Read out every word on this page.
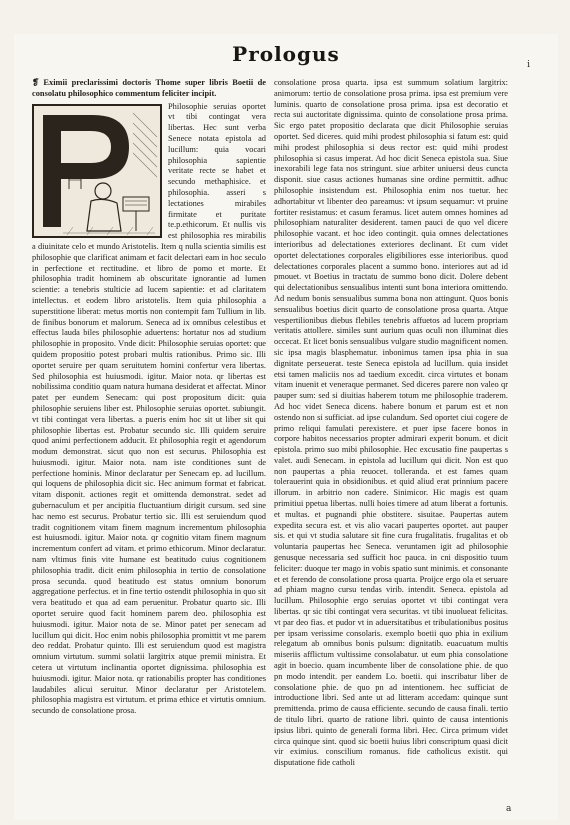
Prologus	i

❡ Eximii preclarissimi doctoris Thome super libris Boetii de consolatu philosophico commentum feliciter incipit.

Philosophie seruias oportet vt tibi contingat vera libertas. Hec sunt verba Senece notata epistola ad lucillum: quia vocari philosophia sapientie veritate recte se habet et secundo methaphisice. et philosophia. asseri s lectationes mirabiles firmitate et puritate te.p.ethicorum. Et nullis vis est philosophia res mirabilis a diuinitate celo et mundo Aristotelis. Item q nulla scientia similis est philosophie que clarificat animam et facit delectari eam in hoc seculo in perfectione et rectitudine. et libro de pomo et morte. Et philosophia tradit hominem ab obscuritate ignorantie ad lumen scientie: a tenebris stulticie ad lucem sapientie: et ad claritatem intellectus. et eodem libro aristotelis. Item quia philosophia a superstitione liberat: metus mortis non contempit fam Tullium in lib. de finibus bonorum et malorum. Seneca ad ix omnibus celestibus et effectus lauda biles philosophie aduertens: hortatur nos ad studium philosophie in proposito. Vnde dicit: Philosophie seruias oportet: que quidem propositio potest probari multis rationibus. Primo sic. Illi oportet seruire per quam seruitutem homini confertur vera libertas. Sed philosophia est huiusmodi. igitur. Maior nota. qr libertas est nobilissima conditio quam natura humana desiderat et affectat. Minor patet per eundem Senecam: qui post propositum dicit: quia philosophie seruiens liber est. Philosophie seruias oportet. subiungit. vt tibi contingat vera libertas. a pueris enim hoc sit ut liber sit qui philosophie libertas est. Probatur secundo sic. Illi quidem seruire quod animi perfectionem adducit. Et philosophia regit et agendorum modum demonstrat. sicut quo non est securus. Philosophia est huiusmodi. igitur. Maior nota. nam iste conditiones sunt de perfectione hominis. Minor declaratur per Senecam ep. ad lucillum. qui loquens de philosophia dicit sic. Hec animum format et fabricat. vitam disponit. actiones regit et omittenda demonstrat. sedet ad gubernaculum et per ancipitia fluctuantium dirigit cursum. sed sine hac nemo est securus. Probatur tertio sic. Illi est seruiendum quod tradit cognitionem vitam finem magnum incrementum philosophia est huiusmodi. igitur. Maior nota. qr cognitio vitam finem magnum incrementum confert ad vitam. et primo ethicorum. Minor declaratur. nam vltimus finis vite humane est beatitudo cuius cognitionem philosophia tradit. dicit enim philosophia in tertio de consolatione prosa secunda. quod beatitudo est status omnium bonorum aggregatione perfectus. et in fine tertio ostendit philosophia in quo sit vera beatitudo et qua ad eam peruenitur. Probatur quarto sic. Illi oportet seruire quod facit hominem parem deo. philosophia est huiusmodi. igitur. Maior nota de se. Minor patet per senecam ad lucillum qui dicit. Hoc enim nobis philosophia promittit vt me parem deo reddat. Probatur quinto. Illi est seruiendum quod est magistra omnium virtutum. summi solatii largitrix atque premii ministra. Et cetera ut virtutum inclinantia oportet dignissima. philosophia est huiusmodi. igitur. Maior nota. qr rationabilis propter has conditiones laudabiles alicui seruitur. Minor declaratur per Aristotelem. philosophia magistra est virtutum. et prima ethice et virtutis omnium. secundo de consolatione prosa.

consolatione prosa quarta. ipsa est summum solatium largitrix: animorum: tertio de consolatione prosa prima. ipsa est premium vere luminis. quarto de consolatione prosa prima. ipsa est decoratio et recta sui auctoritate dignissima. quinto de consolatione prosa prima. Sic ergo patet propositio declarata que dicit Philosophie seruias oportet. Sed diceres. quid mihi prodest philosophia si fatum est: quid mihi prodest philosophia si deus rector est: quid mihi prodest philosophia si casus imperat. Ad hoc dicit Seneca epistola sua. Siue inexorabili lege fata nos stringunt. siue arbiter uniuersi deus cuncta disponit. siue casus actiones humanas sine ordine permittit. adhuc philosophie insistendum est. Philosophia enim nos tuetur. hec adhortabitur vt libenter deo pareamus: vt ipsum sequamur: vt pruine fortiter resistamus: et casum feramus. licet autem omnes homines ad philosophiam naturaliter desiderent. tamen pauci de quo vel dicere philosophie vacant. et hoc ideo contingit. quia omnes delectationes interioribus ad delectationes exteriores declinant. Et cum videt oportet delectationes corporales eligibiliores esse interioribus. quod delectationes corporales placent a summo bono. interiores aut ad id pmouet. vt Boetius in tractatu de summo bono dicit. Dolere debent qui delectationibus sensualibus intenti sunt bona interiora omittendo. Ad nedum bonis sensualibus summa bona non attingunt. Quos bonis sensualibus boetius dicit quarto de consolatione prosa quarta. Atque vespertilionibus diebus flebiles tenebris affuetos ad lucem propriam veritatis attollere. similes sunt aurium quas oculi non illuminat dies occecat. Et licet bonis sensualibus vulgare studio magnificent nomen. sic ipsa magis blasphematur. inbonimus tamen ipsa phia in sua dignitate perseuerat. teste Seneca epistola ad lucillum. quia insidet etsi tamen maliciis nos ad taedium excedit. circa virtutes et bonam vitam inuenit et veneraque permanet. Sed diceres parere non valeo qr pauper sum: sed si diuitias haberem totum me philosophie traderem. Ad hoc videt Seneca dicens. habere bonum et parum est et non ostendo non si sufficiat. ad ipse culandum. Sed oportet ciui cogere de primo reliqui famulati perexistere. et puer ipse facere bonos in corpore habitos necessarios propter admirari experit bonum. et dicit epistola. primo suo mibi philosophie. Hec excusatio fine paupertas s valet. audi Senecam. in epistola ad lucillum qui dicit. Non est quo non paupertas a phia reuocet. tolleranda. et est fames quam tolerauerint quia in obsidionibus. et quid aliud erat prinnium pacere illorum. in arbitrio non cadere. Sinimicor. Hic magis est quam primitiui ppetua libertas. nulli hoies timere ad atum liberat a fortunis. et multas. et pugnandi phie obstitere. sisuitae. Paupertas autem expedita secura est. et vis alio vacari paupertes oportet. aut pauper sis. et qui vt studia salutare sit fine cura frugalitatis. frugalitas et ob voluntaria paupertas hec Seneca. veruntamen igit ad philosophie genusque necessaria sed sufficit hoc pauca. in cni dispositio tuum feliciter: duoque ter mago in vobis spatio sunt minimis. et consonante et et ferendo de consolatione prosa quarta. Proijce ergo ola et seruare ad phiam magno cursu tendas virib. intendit. Seneca. epistola ad lucillum. Philosophie ergo seruias oportet vt tibi contingat vera libertas. qr sic tibi contingat vera securitas. vt tibi inuolueat felicitas. vt par deo fias. et pudor vt in aduersitatibus et tribulationibus positus per ipsam verissime consolaris. exemplo boetii quo phia in exilium relegatum ab omnibus bonis pulsum: dignitatib. euacuatum multis miseriis afflictum vultissime consolabatur. ut eum phia consolatione agit in boecio. quam incumbente liber de consolatione phie. de quo pn modo intendit. per eandem Lo. boetii. qui inscribatur liber de consolatione phie. de quo pn ad intentionem. hec sufficiat de introductione libri. Sed ante ut ad litteram accedam: quinque sunt premittenda. primo de causa efficiente. secundo de causa finali. tertio de titulo libri. quarto de ratione libri. quinto de causa intentionis ipsius libri. quinto de generali forma libri. Hec. Circa primum videt circa quinque sint. quod sic boetii huius libri conscriptum quasi dicit vir eximius. conscilium romanus. fide catholicus existit. qui disputatione fide catholi

a
